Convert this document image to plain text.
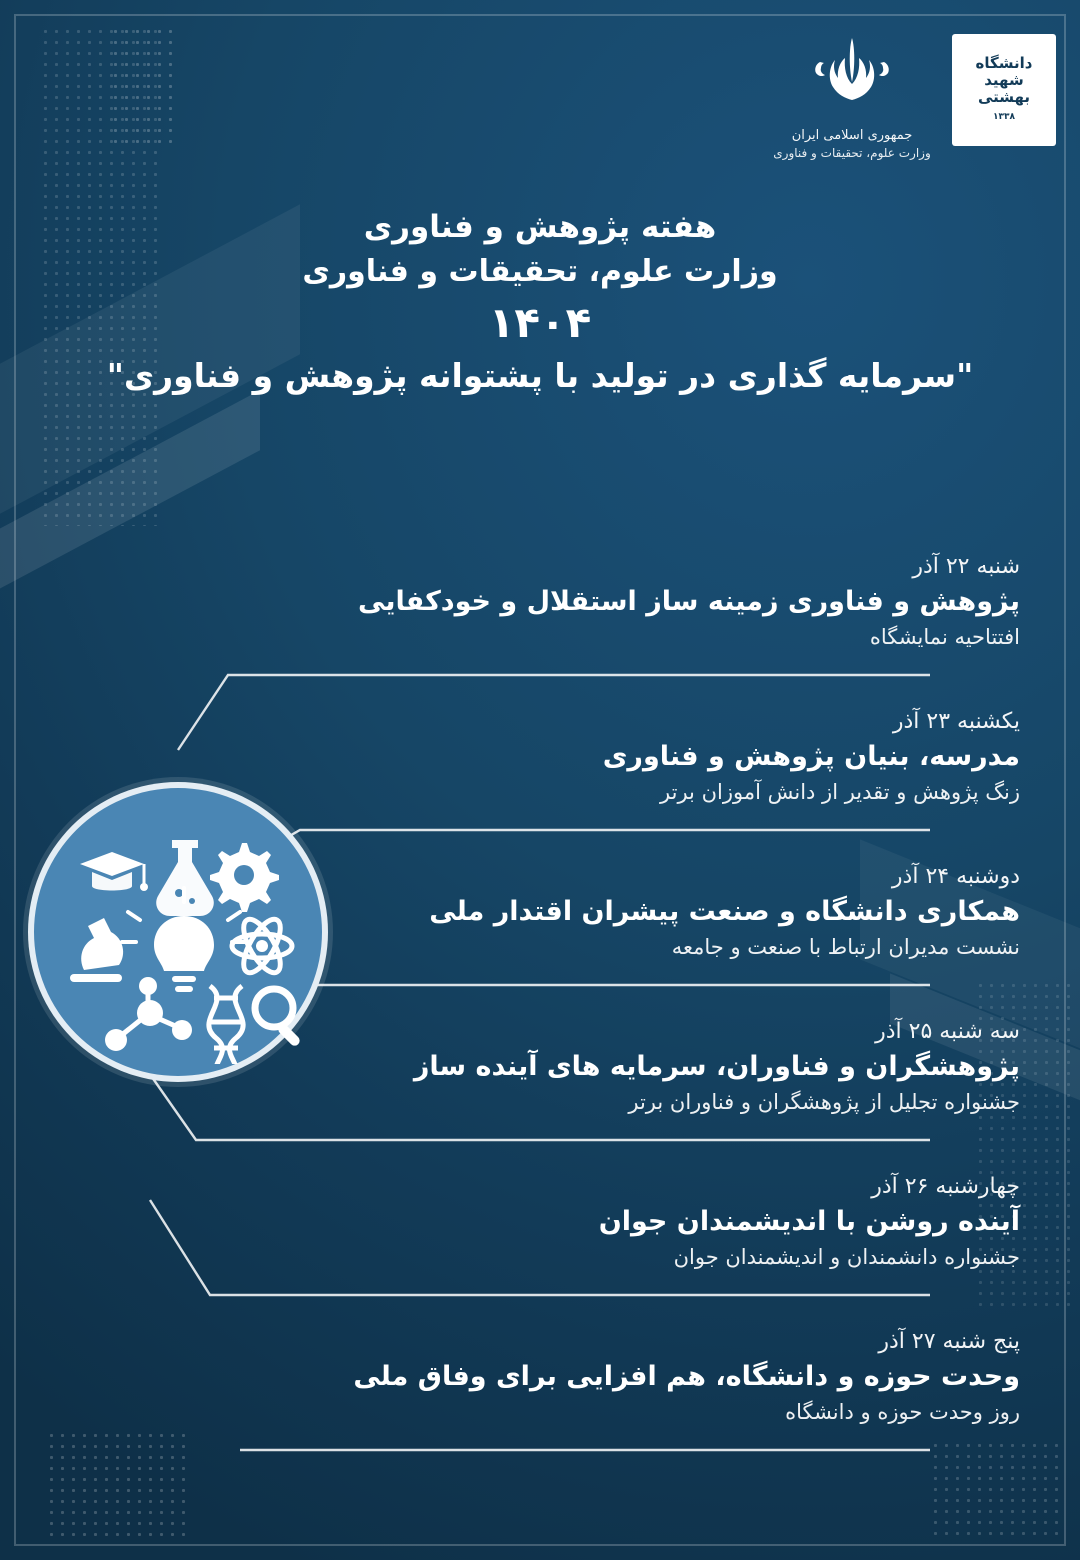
جمهوری اسلامی ایران
وزارت علوم، تحقیقات و فناوری
دانشگاه شهید بهشتی
۱۳۳۸
هفته پژوهش و فناوری
وزارت علوم، تحقیقات و فناوری
۱۴۰۴
"سرمایه گذاری در تولید با پشتوانه پژوهش و فناوری"
شنبه ۲۲ آذر
پژوهش و فناوری زمینه ساز استقلال و خودکفایی
افتتاحیه نمایشگاه
یکشنبه ۲۳ آذر
مدرسه، بنیان پژوهش و فناوری
زنگ پژوهش و تقدیر از دانش آموزان برتر
دوشنبه ۲۴ آذر
همکاری دانشگاه و صنعت پیشران اقتدار ملی
نشست مدیران ارتباط با صنعت و جامعه
سه شنبه ۲۵ آذر
پژوهشگران و فناوران، سرمایه های آینده ساز
جشنواره تجلیل از پژوهشگران و فناوران برتر
چهارشنبه ۲۶ آذر
آینده روشن با اندیشمندان جوان
جشنواره دانشمندان و اندیشمندان جوان
پنج شنبه ۲۷ آذر
وحدت حوزه و دانشگاه، هم افزایی برای وفاق ملی
روز وحدت حوزه و دانشگاه
